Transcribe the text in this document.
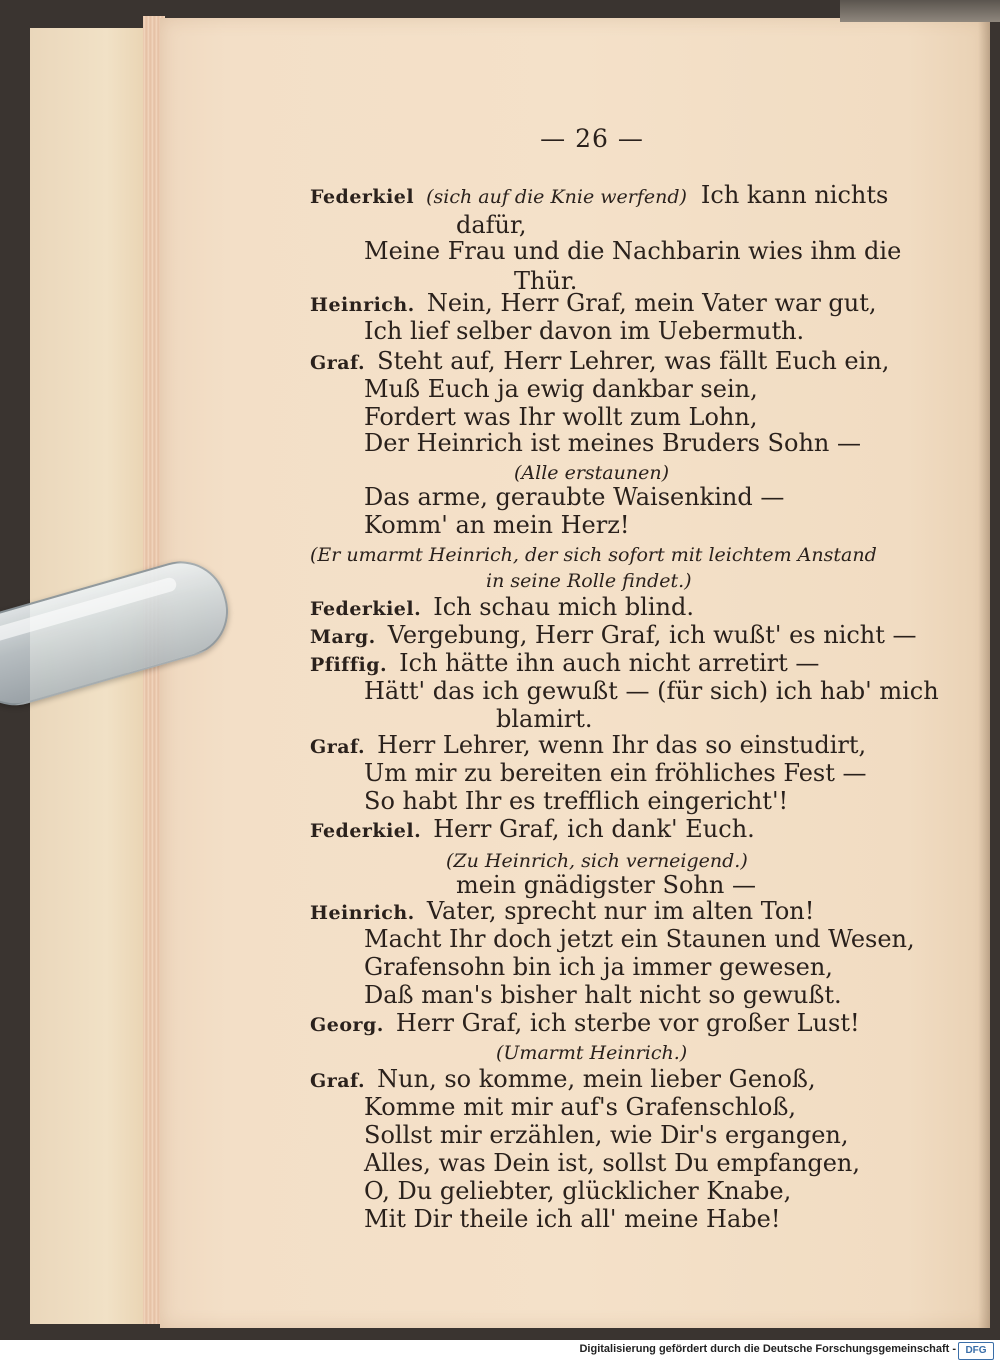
— 26 —
Federkiel (sich auf die Knie werfend) Ich kann nichts
dafür,
Meine Frau und die Nachbarin wies ihm die
Thür.
Heinrich. Nein, Herr Graf, mein Vater war gut,
Ich lief selber davon im Uebermuth.
Graf. Steht auf, Herr Lehrer, was fällt Euch ein,
Muß Euch ja ewig dankbar sein,
Fordert was Ihr wollt zum Lohn,
Der Heinrich ist meines Bruders Sohn —
(Alle erstaunen)
Das arme, geraubte Waisenkind —
Komm' an mein Herz!
(Er umarmt Heinrich, der sich sofort mit leichtem Anstand
in seine Rolle findet.)
Federkiel. Ich schau mich blind.
Marg. Vergebung, Herr Graf, ich wußt' es nicht —
Pfiffig. Ich hätte ihn auch nicht arretirt —
Hätt' das ich gewußt — (für sich) ich hab' mich
blamirt.
Graf. Herr Lehrer, wenn Ihr das so einstudirt,
Um mir zu bereiten ein fröhliches Fest —
So habt Ihr es trefflich eingericht'!
Federkiel. Herr Graf, ich dank' Euch.
(Zu Heinrich, sich verneigend.)
mein gnädigster Sohn —
Heinrich. Vater, sprecht nur im alten Ton!
Macht Ihr doch jetzt ein Staunen und Wesen,
Grafensohn bin ich ja immer gewesen,
Daß man's bisher halt nicht so gewußt.
Georg. Herr Graf, ich sterbe vor großer Lust!
(Umarmt Heinrich.)
Graf. Nun, so komme, mein lieber Genoß,
Komme mit mir auf's Grafenschloß,
Sollst mir erzählen, wie Dir's ergangen,
Alles, was Dein ist, sollst Du empfangen,
O, Du geliebter, glücklicher Knabe,
Mit Dir theile ich all' meine Habe!
Digitalisierung gefördert durch die Deutsche Forschungsgemeinschaft - DFG
